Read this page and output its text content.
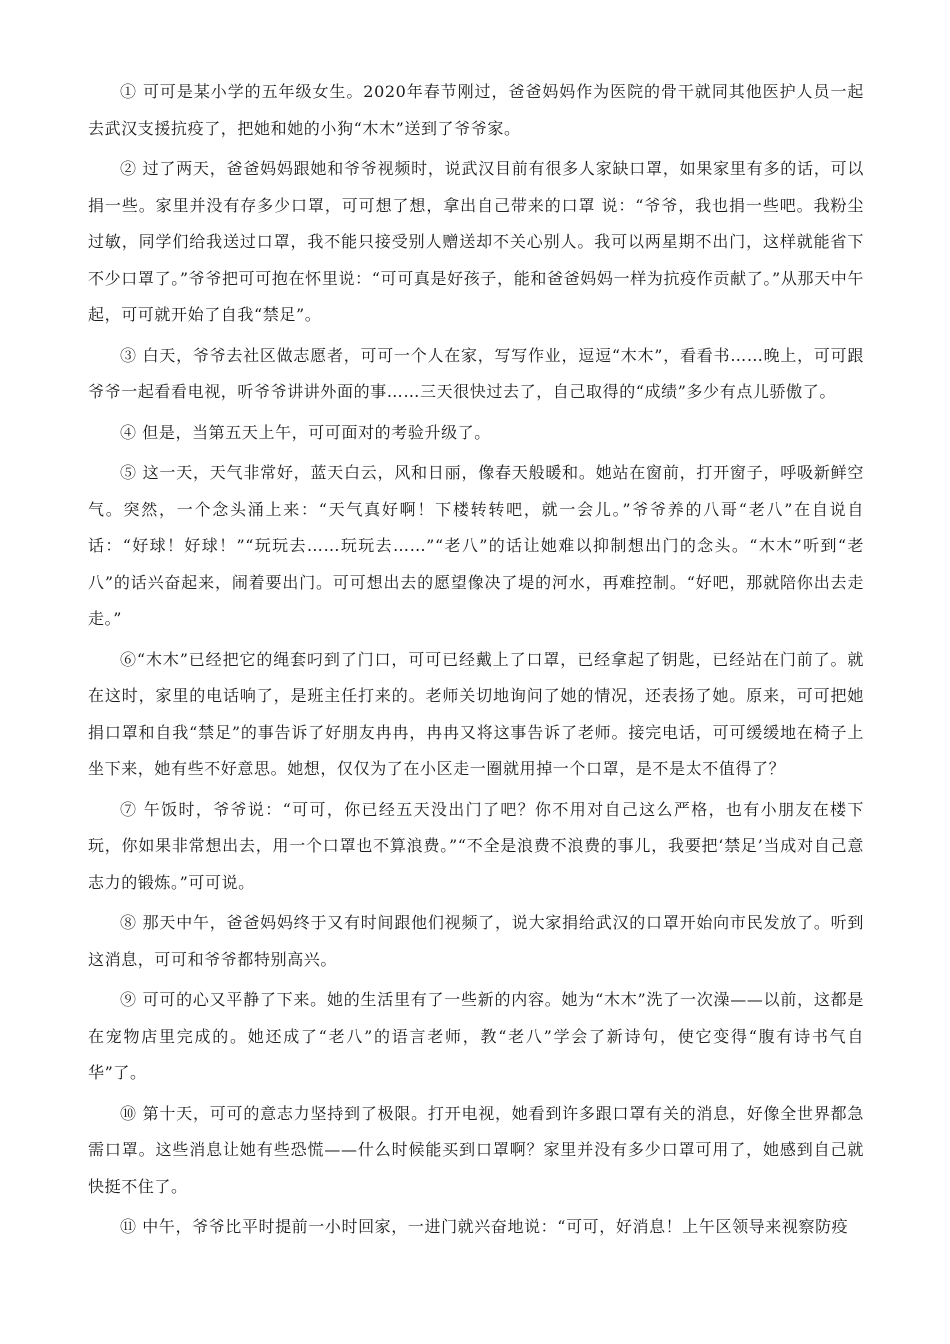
① 可可是某小学的五年级女生。2020年春节刚过，爸爸妈妈作为医院的骨干就同其他医护人员一起去武汉支援抗疫了，把她和她的小狗“木木”送到了爷爷家。

② 过了两天，爸爸妈妈跟她和爷爷视频时，说武汉目前有很多人家缺口罩，如果家里有多的话，可以捐一些。家里并没有存多少口罩，可可想了想，拿出自己带来的口罩 说：“爷爷，我也捐一些吧。我粉尘过敏，同学们给我送过口罩，我不能只接受别人赠送却不关心别人。我可以两星期不出门，这样就能省下不少口罩了。”爷爷把可可抱在怀里说：“可可真是好孩子，能和爸爸妈妈一样为抗疫作贡献了。”从那天中午起，可可就开始了自我“禁足”。

③ 白天，爷爷去社区做志愿者，可可一个人在家，写写作业，逗逗“木木”，看看书……晚上，可可跟爷爷一起看看电视，听爷爷讲讲外面的事……三天很快过去了，自己取得的“成绩”多少有点儿骄傲了。

④ 但是，当第五天上午，可可面对的考验升级了。

⑤ 这一天，天气非常好，蓝天白云，风和日丽，像春天般暖和。她站在窗前，打开窗子，呼吸新鲜空气。突然，一个念头涌上来：“天气真好啊！下楼转转吧，就一会儿。”爷爷养的八哥“老八”在自说自话：“好球！好球！”“玩玩去……玩玩去……”“老八”的话让她难以抑制想出门的念头。“木木”听到“老八”的话兴奋起来，闹着要出门。可可想出去的愿望像决了堤的河水，再难控制。“好吧，那就陪你出去走走。”

⑥“木木”已经把它的绳套叼到了门口，可可已经戴上了口罩，已经拿起了钥匙，已经站在门前了。就在这时，家里的电话响了，是班主任打来的。老师关切地询问了她的情况，还表扬了她。原来，可可把她捐口罩和自我“禁足”的事告诉了好朋友冉冉，冉冉又将这事告诉了老师。接完电话，可可缓缓地在椅子上坐下来，她有些不好意思。她想，仅仅为了在小区走一圈就用掉一个口罩，是不是太不值得了？

⑦ 午饭时，爷爷说：“可可，你已经五天没出门了吧？你不用对自己这么严格，也有小朋友在楼下玩，你如果非常想出去，用一个口罩也不算浪费。”“不全是浪费不浪费的事儿，我要把‘禁足’当成对自己意志力的锻炼。”可可说。

⑧ 那天中午，爸爸妈妈终于又有时间跟他们视频了，说大家捐给武汉的口罩开始向市民发放了。听到这消息，可可和爷爷都特别高兴。

⑨ 可可的心又平静了下来。她的生活里有了一些新的内容。她为“木木”洗了一次澡——以前，这都是在宠物店里完成的。她还成了“老八”的语言老师，教“老八”学会了新诗句，使它变得“腹有诗书气自华”了。

⑩ 第十天，可可的意志力坚持到了极限。打开电视，她看到许多跟口罩有关的消息，好像全世界都急需口罩。这些消息让她有些恐慌——什么时候能买到口罩啊？家里并没有多少口罩可用了，她感到自己就快挺不住了。

⑪ 中午，爷爷比平时提前一小时回家，一进门就兴奋地说：“可可，好消息！上午区领导来视察防疫
